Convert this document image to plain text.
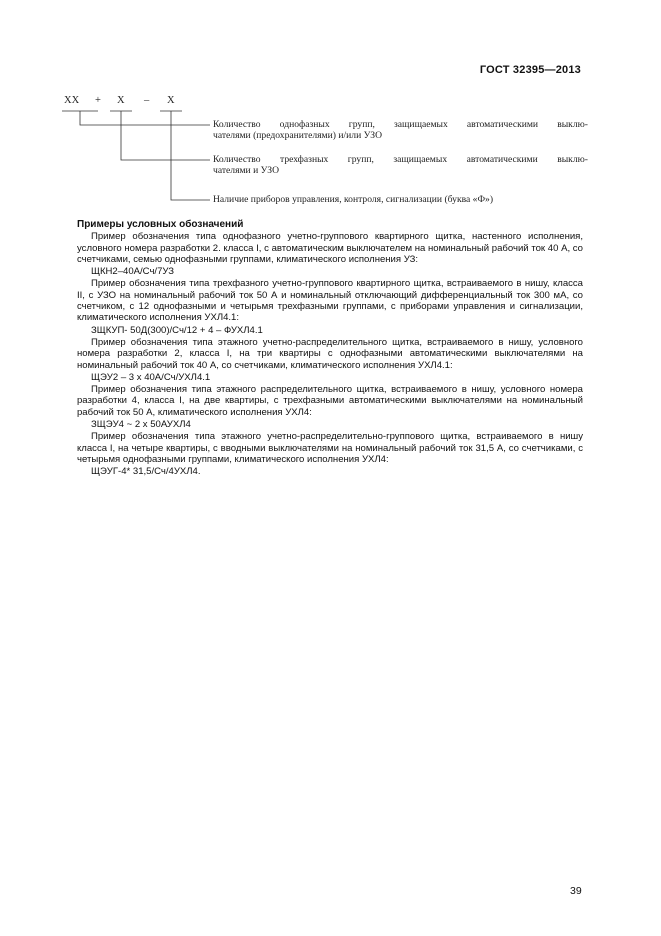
ГОСТ 32395—2013
XX + X – X
Количество однофазных групп, защищаемых автоматическими выклю-
чателями (предохранителями) и/или УЗО
Количество трехфазных групп, защищаемых автоматическими выклю-
чателями и УЗО
Наличие приборов управления, контроля, сигнализации (буква «Ф»)
Примеры условных обозначений

Пример обозначения типа однофазного учетно-группового квартирного щитка, настенного исполнения, условного номера разработки 2. класса I, с автоматическим выключателем на номинальный рабочий ток 40 А, со счетчиками, семью однофазными группами, климатического исполнения УЗ:

ЩКН2–40А/Сч/7УЗ

Пример обозначения типа трехфазного учетно-группового квартирного щитка, встраиваемого в нишу, класса II, с УЗО на номинальный рабочий ток 50 А и номинальный отключающий дифференциальный ток 300 мА, со счетчиком, с 12 однофазными и четырьмя трехфазными группами, с приборами управления и сигнализации, климатического исполнения УХЛ4.1:

ЗЩКУП- 50Д(300)/Сч/12 + 4 – ФУХЛ4.1

Пример обозначения типа этажного учетно-распределительного щитка, встраиваемого в нишу, условного номера разработки 2, класса I, на три квартиры с однофазными автоматическими выключателями на номинальный рабочий ток 40 А, со счетчиками, климатического исполнения УХЛ4.1:

ЩЭУ2 – 3 х 40А/Сч/УХЛ4.1

Пример обозначения типа этажного распределительного щитка, встраиваемого в нишу, условного номера разработки 4, класса I, на две квартиры, с трехфазными автоматическими выключателями на номинальный рабочий ток 50 А, климатического исполнения УХЛ4:

ЗЩЭУ4 ~ 2 х 50АУХЛ4

Пример обозначения типа этажного учетно-распределительно-группового щитка, встраиваемого в нишу класса I, на четыре квартиры, с вводными выключателями на номинальный рабочий ток 31,5 А, со счетчиками, с четырьмя однофазными группами, климатического исполнения УХЛ4:

ЩЭУГ-4* 31,5/Сч/4УХЛ4.
39
